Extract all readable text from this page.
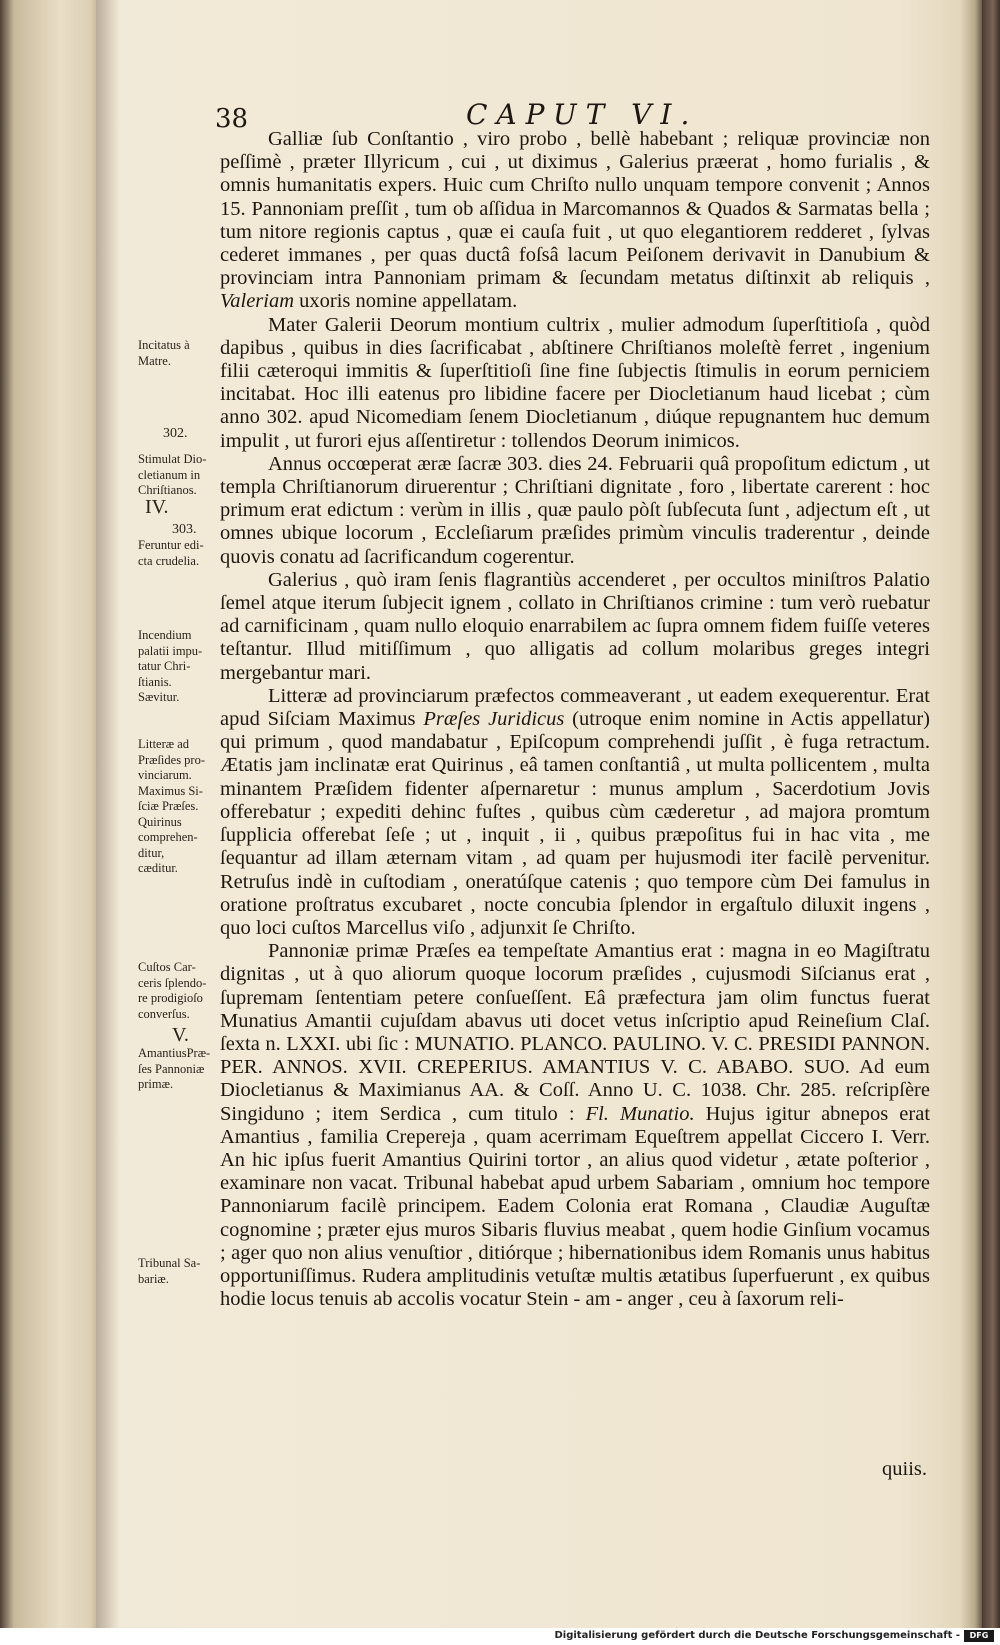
38	CAPUT VI.

Galliæ ſub Conſtantio , viro probo , bellè habebant ; reliquæ provinciæ non peſſimè , præter Illyricum , cui , ut diximus , Galerius præerat , homo furialis , & omnis humanitatis expers. Huic cum Chriſto nullo unquam tempore convenit ; Annos 15. Pannoniam preſſit , tum ob aſſidua in Marcomannos & Quados & Sarmatas bella ; tum nitore regionis captus , quæ ei cauſa fuit , ut quo elegantiorem redderet , ſylvas cederet immanes , per quas ductâ foſsâ lacum Peiſonem derivavit in Danubium & provinciam intra Pannoniam primam & ſecundam metatus diſtinxit ab reliquis , Valeriam uxoris nomine appellatam.

Mater Galerii Deorum montium cultrix , mulier admodum ſuperſtitioſa , quòd dapibus , quibus in dies ſacrificabat , abſtinere Chriſtianos moleſtè ferret , ingenium filii cæteroqui immitis & ſuperſtitioſi ſine fine ſubjectis ſtimulis in eorum perniciem incitabat. Hoc illi eatenus pro libidine facere per Diocletianum haud licebat ; cùm anno 302. apud Nicomediam ſenem Diocletianum , diúque repugnantem huc demum impulit , ut furori ejus aſſentiretur : tollendos Deorum inimicos.

Annus occœperat æræ ſacræ 303. dies 24. Februarii quâ propoſitum edictum , ut templa Chriſtianorum diruerentur ; Chriſtiani dignitate , foro , libertate carerent : hoc primum erat edictum : verùm in illis , quæ paulo pòſt ſubſecuta ſunt , adjectum eſt , ut omnes ubique locorum , Eccleſiarum præſides primùm vinculis traderentur , deinde quovis conatu ad ſacrificandum cogerentur.

Galerius , quò iram ſenis flagrantiùs accenderet , per occultos miniſtros Palatio ſemel atque iterum ſubjecit ignem , collato in Chriſtianos crimine : tum verò ruebatur ad carnificinam , quam nullo eloquio enarrabilem ac ſupra omnem fidem fuiſſe veteres teſtantur. Illud mitiſſimum , quo alligatis ad collum molaribus greges integri mergebantur mari.

Litteræ ad provinciarum præfectos commeaverant , ut eadem exequerentur. Erat apud Siſciam Maximus Præſes Juridicus (utroque enim nomine in Actis appellatur) qui primum , quod mandabatur , Epiſcopum comprehendi juſſit , è fuga retractum. Ætatis jam inclinatæ erat Quirinus , eâ tamen conſtantiâ , ut multa pollicentem , multa minantem Præſidem fidenter aſpernaretur : munus amplum , Sacerdotium Jovis offerebatur ; expediti dehinc fuſtes , quibus cùm cæderetur , ad majora promtum ſupplicia offerebat ſeſe ; ut , inquit , ii , quibus præpoſitus fui in hac vita , me ſequantur ad illam æternam vitam , ad quam per hujusmodi iter facilè pervenitur. Retruſus indè in cuſtodiam , oneratúſque catenis ; quo tempore cùm Dei famulus in oratione proſtratus excubaret , nocte concubia ſplendor in ergaſtulo diluxit ingens , quo loci cuſtos Marcellus viſo , adjunxit ſe Chriſto.

Pannoniæ primæ Præſes ea tempeſtate Amantius erat : magna in eo Magiſtratu dignitas , ut à quo aliorum quoque locorum præſides , cujusmodi Siſcianus erat , ſupremam ſententiam petere conſueſſent. Eâ præfectura jam olim functus fuerat Munatius Amantii cujuſdam abavus uti docet vetus inſcriptio apud Reineſium Claſ. ſexta n. LXXI. ubi ſic : MUNATIO. PLANCO. PAULINO. V. C. PRESIDI PANNON. PER. ANNOS. XVII. CREPERIUS. AMANTIUS V. C. ABABO. SUO. Ad eum Diocletianus & Maximianus AA. & Coſſ. Anno U. C. 1038. Chr. 285. reſcripſère Singiduno ; item Serdica , cum titulo : Fl. Munatio. Hujus igitur abnepos erat Amantius , familia Crepereja , quam acerrimam Equeſtrem appellat Ciccero I. Verr. An hic ipſus fuerit Amantius Quirini tortor , an alius quod videtur , ætate poſterior , examinare non vacat. Tribunal habebat apud urbem Sabariam , omnium hoc tempore Pannoniarum facilè principem. Eadem Colonia erat Romana , Claudiæ Auguſtæ cognomine ; præter ejus muros Sibaris fluvius meabat , quem hodie Ginſium vocamus ; ager quo non alius venuſtior , ditiórque ; hibernationibus idem Romanis unus habitus opportuniſſimus. Rudera amplitudinis vetuſtæ multis ætatibus ſuperfuerunt , ex quibus hodie locus tenuis ab accolis vocatur Stein - am - anger , ceu à ſaxorum reli-

quiis.
Incitatus à
Matre.
302.
Stimulat Dio-
cletianum in
Chriſtianos.
IV.
303.
Feruntur edi-
cta crudelia.
Incendium
palatii impu-
tatur Chri-
ſtianis.
Sævitur.
Litteræ ad
Præſides pro-
vinciarum.
Maximus Si-
ſciæ Præſes.
Quirinus
comprehen-
ditur,
cæditur.
Cuſtos Car-
ceris ſplendo-
re prodigioſo
converſus.
V.
AmantiusPræ-
ſes Pannoniæ
primæ.
Tribunal Sa-
bariæ.
Digitalisierung gefördert durch die Deutsche Forschungsgemeinschaft -	DFG
